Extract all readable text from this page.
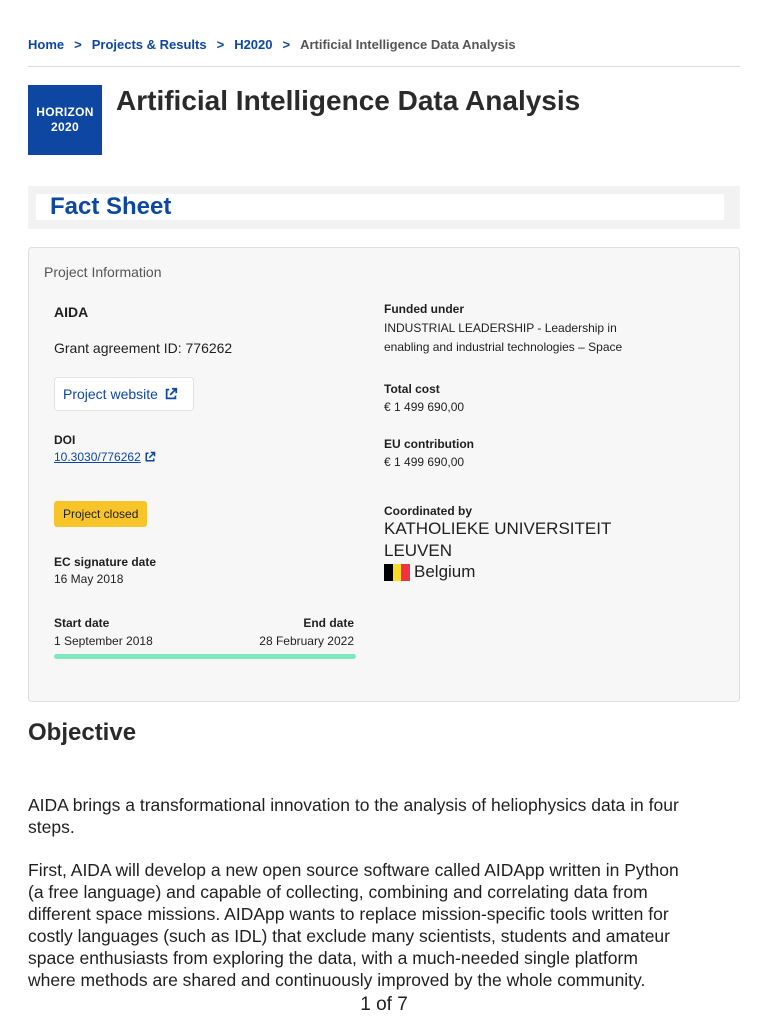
Home > Projects & Results > H2020 > Artificial Intelligence Data Analysis
HORIZON
2020
Artificial Intelligence Data Analysis
Fact Sheet
Project Information
AIDA
Grant agreement ID: 776262
Project website
DOI
10.3030/776262
Project closed
EC signature date
16 May 2018
Start date
1 September 2018
End date
28 February 2022
Funded under
INDUSTRIAL LEADERSHIP - Leadership in
enabling and industrial technologies – Space
Total cost
€ 1 499 690,00
EU contribution
€ 1 499 690,00
Coordinated by
KATHOLIEKE UNIVERSITEIT
LEUVEN
Belgium
Objective
AIDA brings a transformational innovation to the analysis of heliophysics data in four
steps.
First, AIDA will develop a new open source software called AIDApp written in Python
(a free language) and capable of collecting, combining and correlating data from
different space missions. AIDApp wants to replace mission-specific tools written for
costly languages (such as IDL) that exclude many scientists, students and amateur
space enthusiasts from exploring the data, with a much-needed single platform
where methods are shared and continuously improved by the whole community.
1 of 7
